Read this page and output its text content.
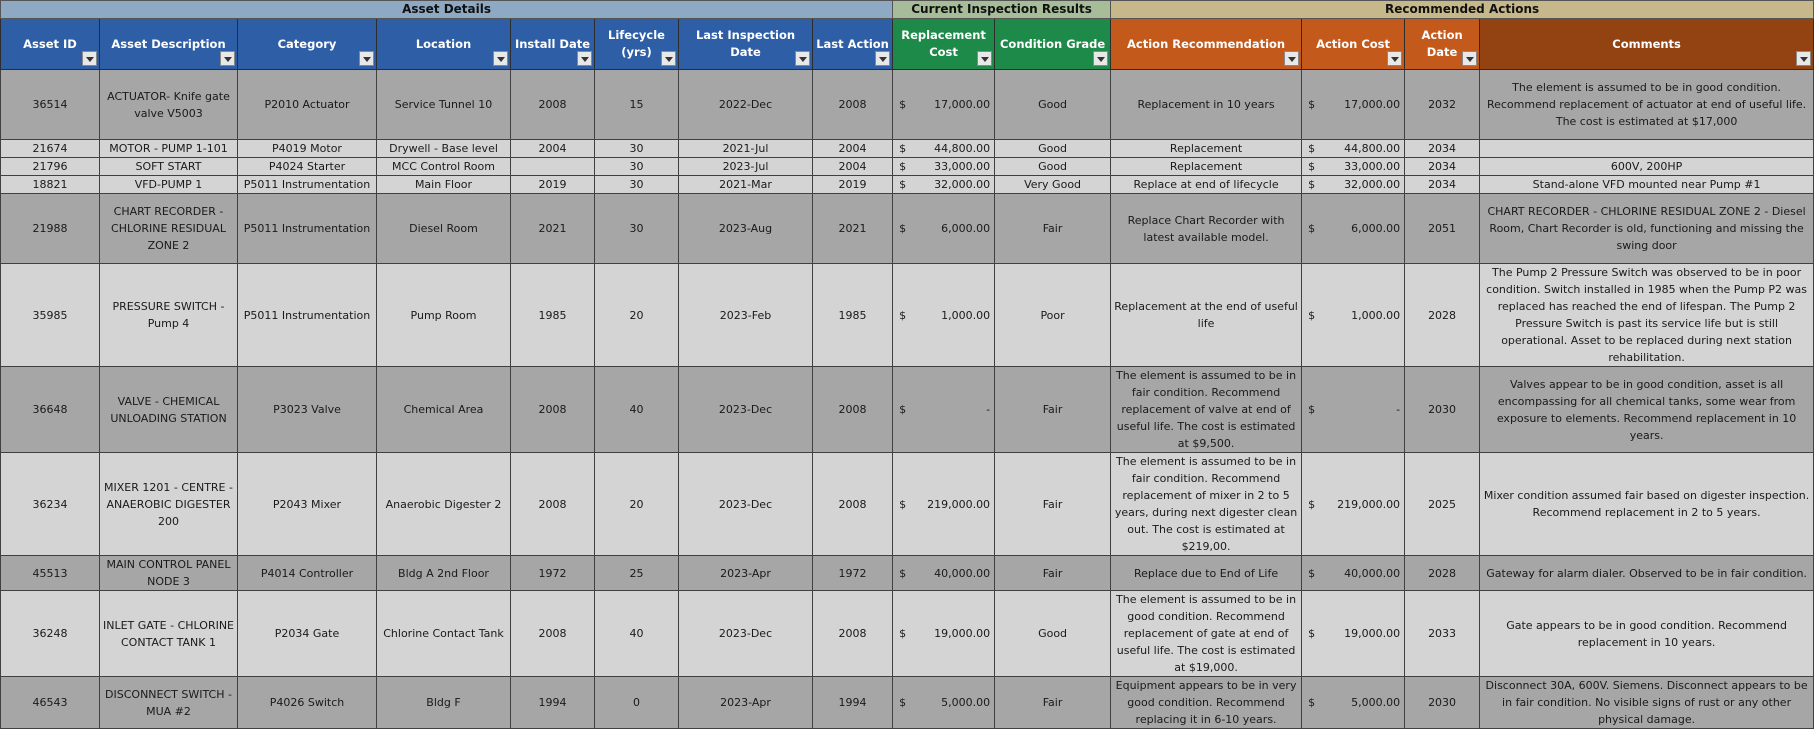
Asset Details								Current Inspection Results		Recommended Actions			
Asset ID	Asset Description	Category	Location	Install Date	Lifecycle (yrs)	Last Inspection Date	Last Action	Replacement Cost	Condition Grade	Action Recommendation	Action Cost	Action Date	Comments

36514	ACTUATOR- Knife gate valve V5003	P2010 Actuator	Service Tunnel 10	2008	15	2022-Dec	2008	$ 17,000.00	Good	Replacement in 10 years	$ 17,000.00	2032	The element is assumed to be in good condition. Recommend replacement of actuator at end of useful life. The cost is estimated at $17,000
21674	MOTOR - PUMP 1-101	P4019 Motor	Drywell - Base level	2004	30	2021-Jul	2004	$ 44,800.00	Good	Replacement	$ 44,800.00	2034	
21796	SOFT START	P4024 Starter	MCC Control Room		30	2023-Jul	2004	$ 33,000.00	Good	Replacement	$ 33,000.00	2034	600V, 200HP
18821	VFD-PUMP 1	P5011 Instrumentation	Main Floor	2019	30	2021-Mar	2019	$ 32,000.00	Very Good	Replace at end of lifecycle	$ 32,000.00	2034	Stand-alone VFD mounted near Pump #1
21988	CHART RECORDER - CHLORINE RESIDUAL ZONE 2	P5011 Instrumentation	Diesel Room	2021	30	2023-Aug	2021	$ 6,000.00	Fair	Replace Chart Recorder with latest available model.	$ 6,000.00	2051	CHART RECORDER - CHLORINE RESIDUAL ZONE 2 - Diesel Room, Chart Recorder is old, functioning and missing the swing door
35985	PRESSURE SWITCH - Pump 4	P5011 Instrumentation	Pump Room	1985	20	2023-Feb	1985	$ 1,000.00	Poor	Replacement at the end of useful life	$ 1,000.00	2028	The Pump 2 Pressure Switch was observed to be in poor condition. Switch installed in 1985 when the Pump P2 was replaced has reached the end of lifespan. The Pump 2 Pressure Switch is past its service life but is still operational. Asset to be replaced during next station rehabilitation.
36648	VALVE - CHEMICAL UNLOADING STATION	P3023 Valve	Chemical Area	2008	40	2023-Dec	2008	$ -	Fair	The element is assumed to be in fair condition. Recommend replacement of valve at end of useful life. The cost is estimated at $9,500.	$ -	2030	Valves appear to be in good condition, asset is all encompassing for all chemical tanks, some wear from exposure to elements. Recommend replacement in 10 years.
36234	MIXER 1201 - CENTRE - ANAEROBIC DIGESTER 200	P2043 Mixer	Anaerobic Digester 2	2008	20	2023-Dec	2008	$ 219,000.00	Fair	The element is assumed to be in fair condition. Recommend replacement of mixer in 2 to 5 years, during next digester clean out. The cost is estimated at $219,00.	$ 219,000.00	2025	Mixer condition assumed fair based on digester inspection. Recommend replacement in 2 to 5 years.
45513	MAIN CONTROL PANEL NODE 3	P4014 Controller	Bldg A 2nd Floor	1972	25	2023-Apr	1972	$ 40,000.00	Fair	Replace due to End of Life	$ 40,000.00	2028	Gateway for alarm dialer. Observed to be in fair condition.
36248	INLET GATE - CHLORINE CONTACT TANK 1	P2034 Gate	Chlorine Contact Tank	2008	40	2023-Dec	2008	$ 19,000.00	Good	The element is assumed to be in good condition. Recommend replacement of gate at end of useful life. The cost is estimated at $19,000.	$ 19,000.00	2033	Gate appears to be in good condition. Recommend replacement in 10 years.
46543	DISCONNECT SWITCH - MUA #2	P4026 Switch	Bldg F	1994	0	2023-Apr	1994	$ 5,000.00	Fair	Equipment appears to be in very good condition. Recommend replacing it in 6-10 years.	$ 5,000.00	2030	Disconnect 30A, 600V. Siemens. Disconnect appears to be in fair condition. No visible signs of rust or any other physical damage.
